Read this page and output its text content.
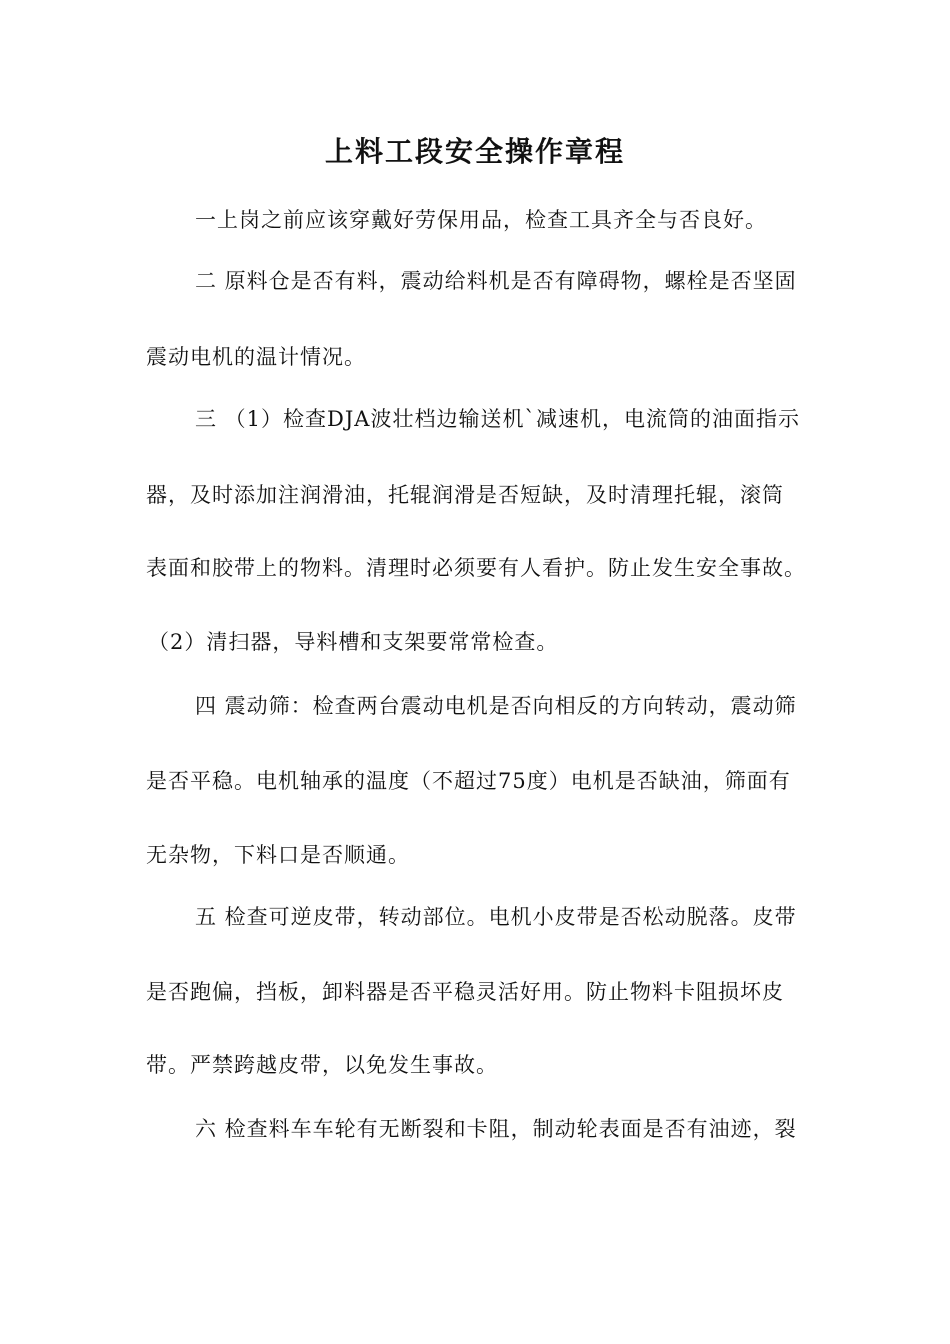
上料工段安全操作章程
一上岗之前应该穿戴好劳保用品，检查工具齐全与否良好。
二 原料仓是否有料，震动给料机是否有障碍物，螺栓是否坚固
震动电机的温计情况。
三 （1）检查DJA波壮档边输送机`减速机，电流筒的油面指示
器，及时添加注润滑油，托辊润滑是否短缺，及时清理托辊，滚筒
表面和胶带上的物料。清理时必须要有人看护。防止发生安全事故。
（2）清扫器，导料槽和支架要常常检查。
四 震动筛：检查两台震动电机是否向相反的方向转动，震动筛
是否平稳。电机轴承的温度（不超过75度）电机是否缺油，筛面有
无杂物，下料口是否顺通。
五 检查可逆皮带，转动部位。电机小皮带是否松动脱落。皮带
是否跑偏，挡板，卸料器是否平稳灵活好用。防止物料卡阻损坏皮
带。严禁跨越皮带，以免发生事故。
六 检查料车车轮有无断裂和卡阻，制动轮表面是否有油迹，裂
